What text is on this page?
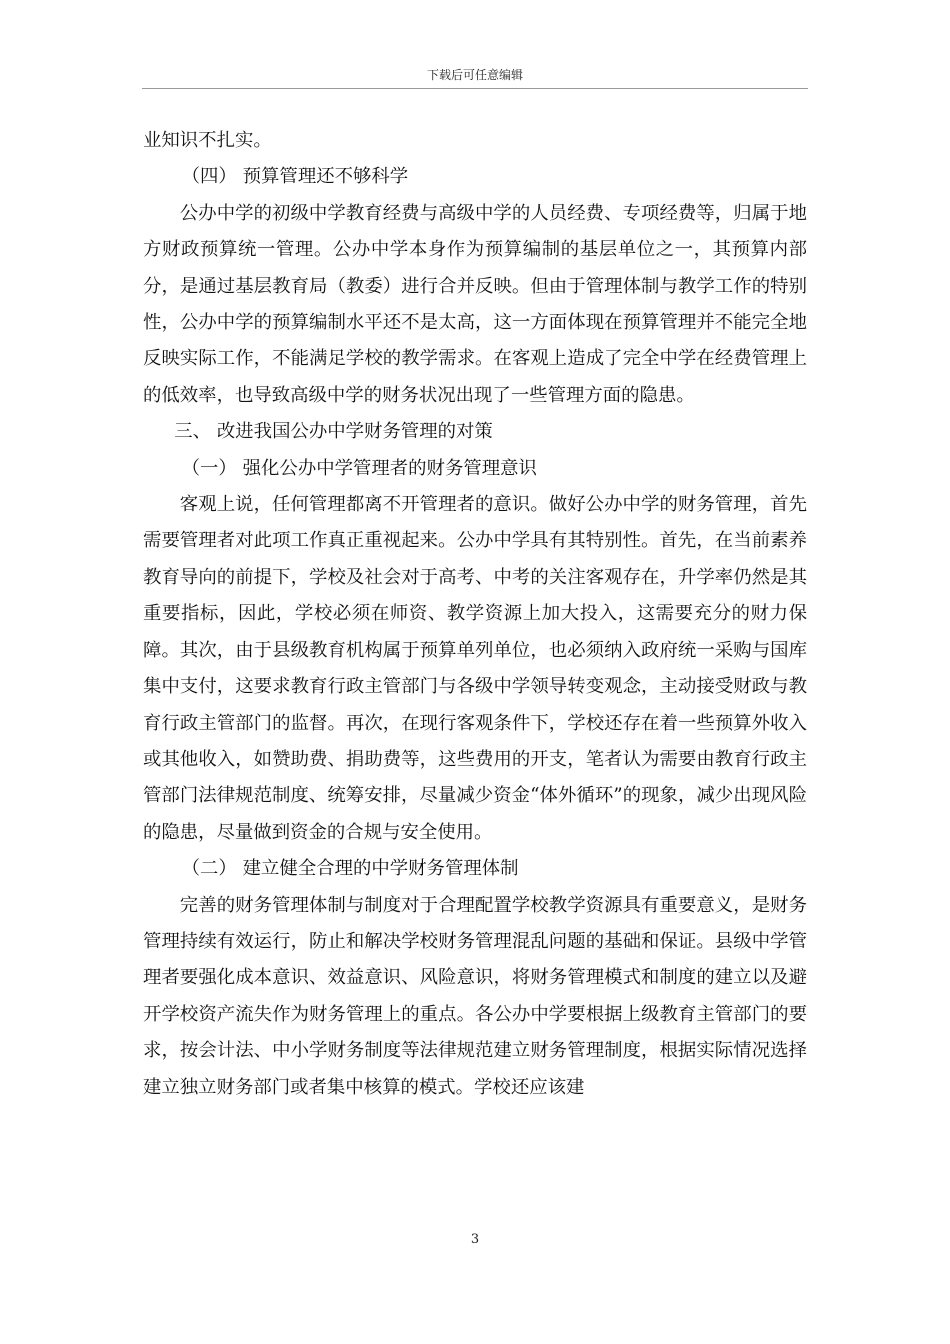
下载后可任意编辑

业知识不扎实。

（四） 预算管理还不够科学

公办中学的初级中学教育经费与高级中学的人员经费、专项经费等，归属于地方财政预算统一管理。公办中学本身作为预算编制的基层单位之一，其预算内部分，是通过基层教育局（教委）进行合并反映。但由于管理体制与教学工作的特别性，公办中学的预算编制水平还不是太高，这一方面体现在预算管理并不能完全地反映实际工作，不能满足学校的教学需求。在客观上造成了完全中学在经费管理上的低效率，也导致高级中学的财务状况出现了一些管理方面的隐患。

三、 改进我国公办中学财务管理的对策

（一） 强化公办中学管理者的财务管理意识

客观上说，任何管理都离不开管理者的意识。做好公办中学的财务管理，首先需要管理者对此项工作真正重视起来。公办中学具有其特别性。首先，在当前素养教育导向的前提下，学校及社会对于高考、中考的关注客观存在，升学率仍然是其重要指标，因此，学校必须在师资、教学资源上加大投入，这需要充分的财力保障。其次，由于县级教育机构属于预算单列单位，也必须纳入政府统一采购与国库集中支付，这要求教育行政主管部门与各级中学领导转变观念，主动接受财政与教育行政主管部门的监督。再次，在现行客观条件下，学校还存在着一些预算外收入或其他收入，如赞助费、捐助费等，这些费用的开支，笔者认为需要由教育行政主管部门法律规范制度、统筹安排，尽量减少资金“体外循环”的现象，减少出现风险的隐患，尽量做到资金的合规与安全使用。

（二） 建立健全合理的中学财务管理体制

完善的财务管理体制与制度对于合理配置学校教学资源具有重要意义，是财务管理持续有效运行，防止和解决学校财务管理混乱问题的基础和保证。县级中学管理者要强化成本意识、效益意识、风险意识，将财务管理模式和制度的建立以及避开学校资产流失作为财务管理上的重点。各公办中学要根据上级教育主管部门的要求，按会计法、中小学财务制度等法律规范建立财务管理制度，根据实际情况选择建立独立财务部门或者集中核算的模式。学校还应该建

3
